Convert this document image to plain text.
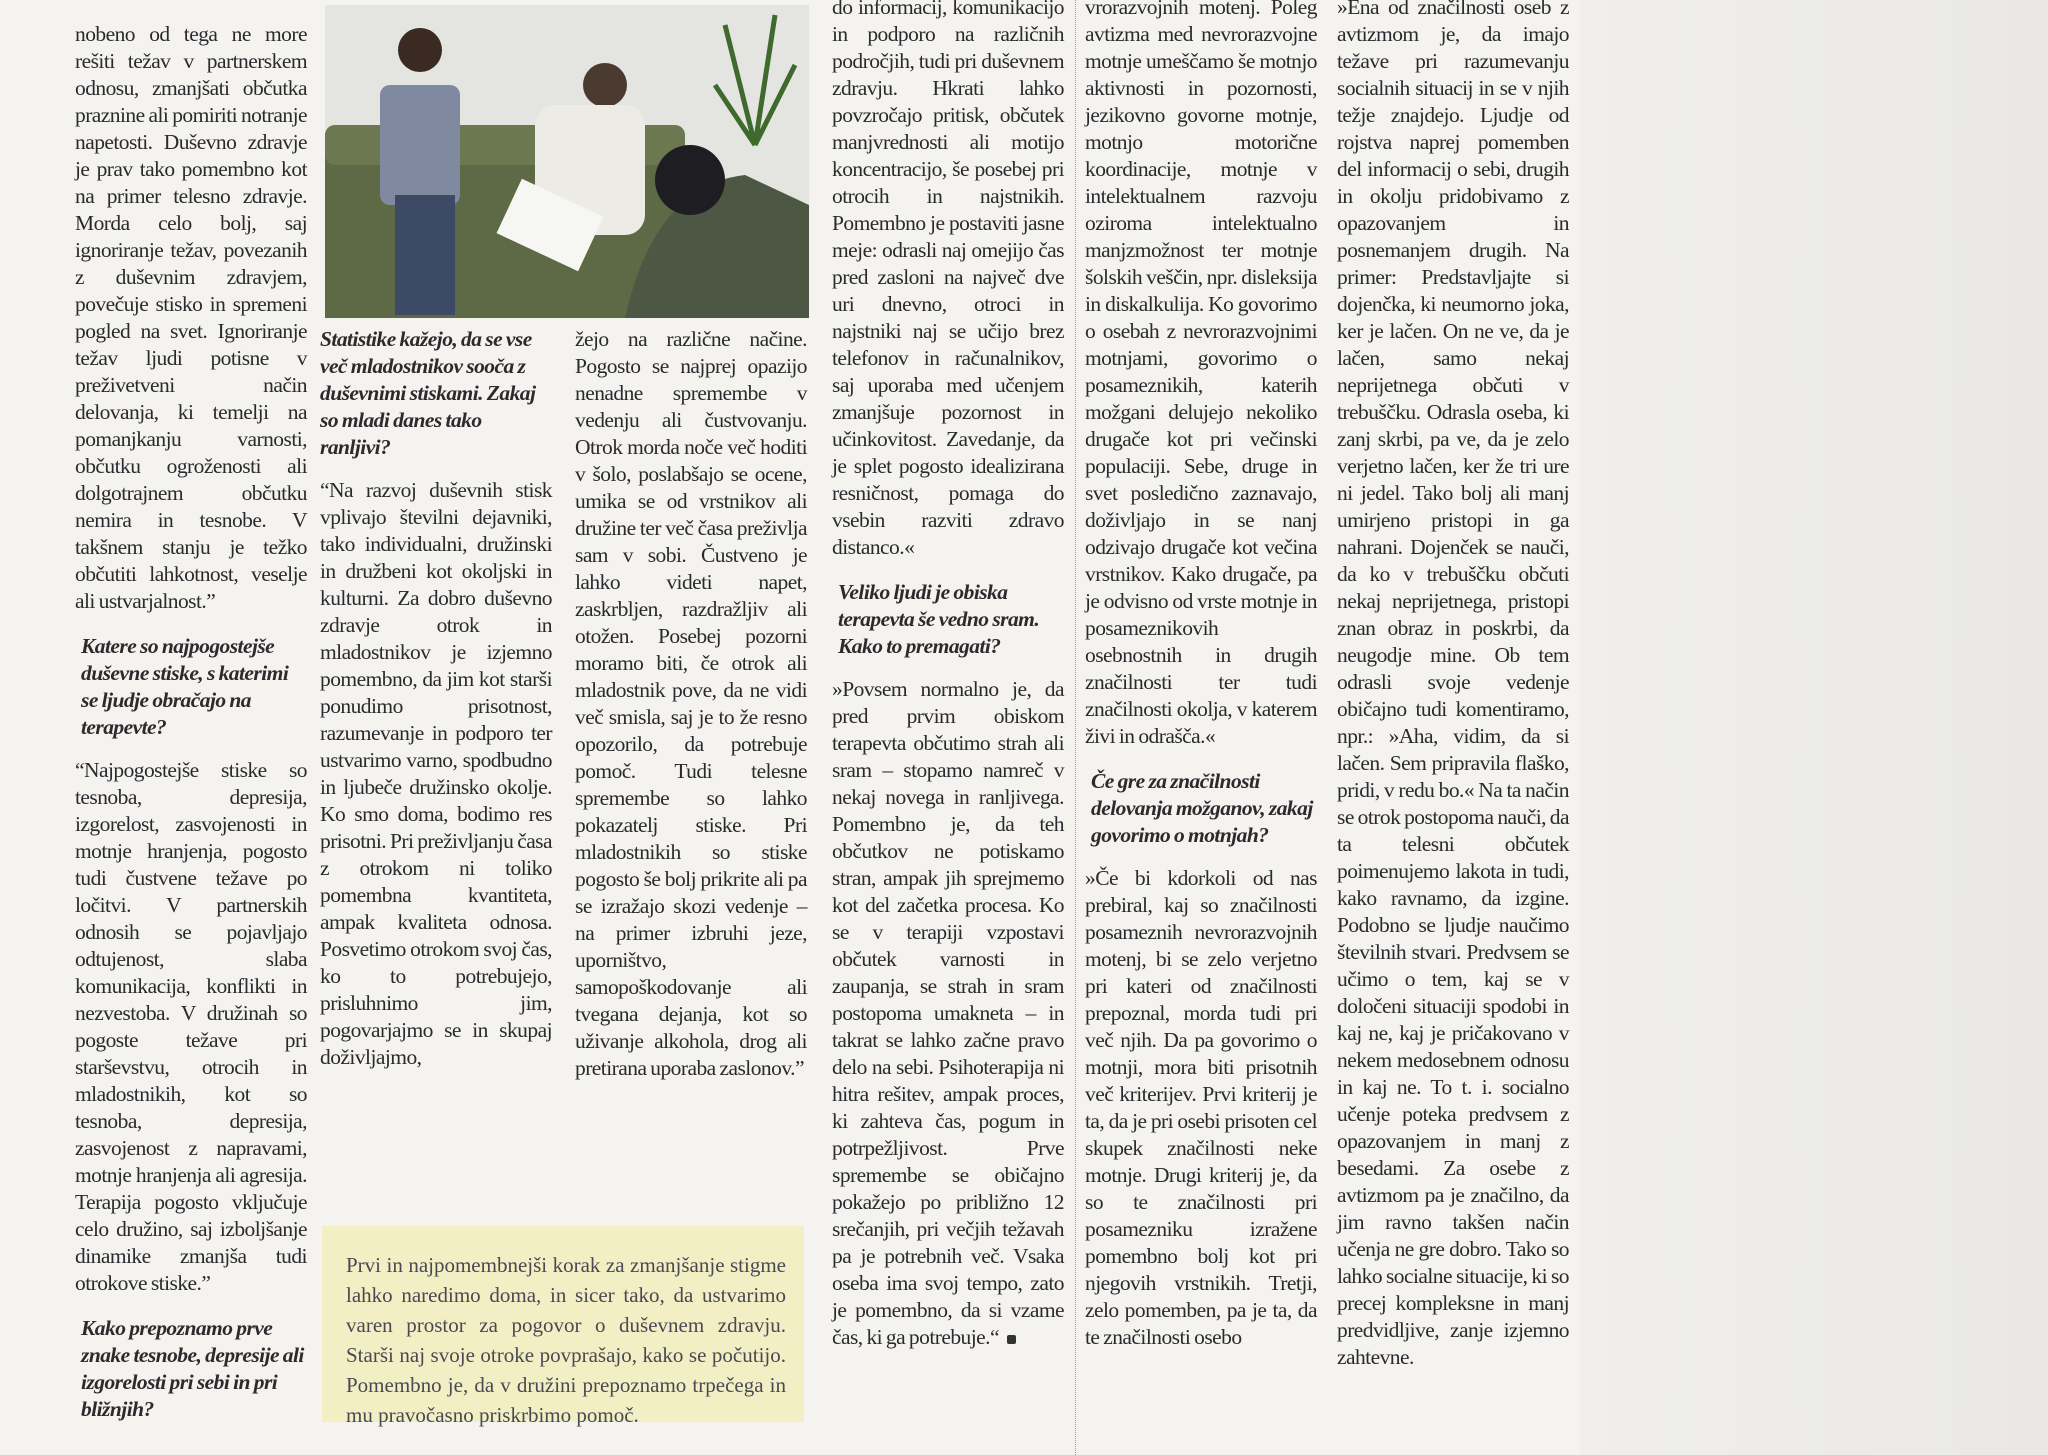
nobeno od tega ne more rešiti težav v partnerskem odnosu, zmanjšati občutka praznine ali pomiriti notranje napetosti. Duševno zdravje je prav tako pomembno kot na primer telesno zdravje. Morda celo bolj, saj ignoriranje težav, povezanih z duševnim zdravjem, povečuje stisko in spremeni pogled na svet. Ignoriranje težav ljudi potisne v preživetveni način delovanja, ki temelji na pomanjkanju varnosti, občutku ogroženosti ali dolgotrajnem občutku nemira in tesnobe. V takšnem stanju je težko občutiti lahkotnost, veselje ali ustvarjalnost.”

Katere so najpogostejše duševne stiske, s katerimi se ljudje obračajo na terapevte?

“Najpogostejše stiske so tesnoba, depresija, izgorelost, zasvojenosti in motnje hranjenja, pogosto tudi čustvene težave po ločitvi. V partnerskih odnosih se pojavljajo odtujenost, slaba komunikacija, konflikti in nezvestoba. V družinah so pogoste težave pri starševstvu, otrocih in mladostnikih, kot so tesnoba, depresija, zasvojenost z napravami, motnje hranjenja ali agresija. Terapija pogosto vključuje celo družino, saj izboljšanje dinamike zmanjša tudi otrokove stiske.”

Kako prepoznamo prve znake tesnobe, depresije ali izgorelosti pri sebi in pri bližnjih?

Statistike kažejo, da se vse več mladostnikov sooča z duševnimi stiskami. Zakaj so mladi danes tako ranljivi?

“Na razvoj duševnih stisk vplivajo številni dejavniki, tako individualni, družinski in družbeni kot okoljski in kulturni. Za dobro duševno zdravje otrok in mladostnikov je izjemno pomembno, da jim kot starši ponudimo prisotnost, razumevanje in podporo ter ustvarimo varno, spodbudno in ljubeče družinsko okolje. Ko smo doma, bodimo res prisotni. Pri preživljanju časa z otrokom ni toliko pomembna kvantiteta, ampak kvaliteta odnosa. Posvetimo otrokom svoj čas, ko to potrebujejo, prisluhnimo jim, pogovarjajmo se in skupaj doživljajmo,

žejo na različne načine. Pogosto se najprej opazijo nenadne spremembe v vedenju ali čustvovanju. Otrok morda noče več hoditi v šolo, poslabšajo se ocene, umika se od vrstnikov ali družine ter več časa preživlja sam v sobi. Čustveno je lahko videti napet, zaskrbljen, razdražljiv ali otožen. Posebej pozorni moramo biti, če otrok ali mladostnik pove, da ne vidi več smisla, saj je to že resno opozorilo, da potrebuje pomoč. Tudi telesne spremembe so lahko pokazatelj stiske. Pri mladostnikih so stiske pogosto še bolj prikrite ali pa se izražajo skozi vedenje – na primer izbruhi jeze, uporništvo, samopoškodovanje ali tvegana dejanja, kot so uživanje alkohola, drog ali pretirana uporaba zaslonov.”

Prvi in najpomembnejši korak za zmanjšanje stigme lahko naredimo doma, in sicer tako, da ustvarimo varen prostor za pogovor o duševnem zdravju. Starši naj svoje otroke povprašajo, kako se počutijo. Pomembno je, da v družini prepoznamo trpečega in mu pravočasno priskrbimo pomoč.

do informacij, komunikacijo in podporo na različnih področjih, tudi pri duševnem zdravju. Hkrati lahko povzročajo pritisk, občutek manjvrednosti ali motijo koncentracijo, še posebej pri otrocih in najstnikih. Pomembno je postaviti jasne meje: odrasli naj omejijo čas pred zasloni na največ dve uri dnevno, otroci in najstniki naj se učijo brez telefonov in računalnikov, saj uporaba med učenjem zmanjšuje pozornost in učinkovitost. Zavedanje, da je splet pogosto idealizirana resničnost, pomaga do vsebin razviti zdravo distanco.«

Veliko ljudi je obiska terapevta še vedno sram. Kako to premagati?

»Povsem normalno je, da pred prvim obiskom terapevta občutimo strah ali sram – stopamo namreč v nekaj novega in ranljivega. Pomembno je, da teh občutkov ne potiskamo stran, ampak jih sprejmemo kot del začetka procesa. Ko se v terapiji vzpostavi občutek varnosti in zaupanja, se strah in sram postopoma umakneta – in takrat se lahko začne pravo delo na sebi. Psihoterapija ni hitra rešitev, ampak proces, ki zahteva čas, pogum in potrpežljivost. Prve spremembe se običajno pokažejo po približno 12 srečanjih, pri večjih težavah pa je potrebnih več. Vsaka oseba ima svoj tempo, zato je pomembno, da si vzame čas, ki ga potrebuje.“

vrorazvojnih motenj. Poleg avtizma med nevrorazvojne motnje umeščamo še motnjo aktivnosti in pozornosti, jezikovno govorne motnje, motnjo motorične koordinacije, motnje v intelektualnem razvoju oziroma intelektualno manjzmožnost ter motnje šolskih veščin, npr. disleksija in diskalkulija. Ko govorimo o osebah z nevrorazvojnimi motnjami, govorimo o posameznikih, katerih možgani delujejo nekoliko drugače kot pri večinski populaciji. Sebe, druge in svet posledično zaznavajo, doživljajo in se nanj odzivajo drugače kot večina vrstnikov. Kako drugače, pa je odvisno od vrste motnje in posameznikovih osebnostnih in drugih značilnosti ter tudi značilnosti okolja, v katerem živi in odrašča.«

Če gre za značilnosti delovanja možganov, zakaj govorimo o motnjah?

»Če bi kdorkoli od nas prebiral, kaj so značilnosti posameznih nevrorazvojnih motenj, bi se zelo verjetno pri kateri od značilnosti prepoznal, morda tudi pri več njih. Da pa govorimo o motnji, mora biti prisotnih več kriterijev. Prvi kriterij je ta, da je pri osebi prisoten cel skupek značilnosti neke motnje. Drugi kriterij je, da so te značilnosti pri posamezniku izražene pomembno bolj kot pri njegovih vrstnikih. Tretji, zelo pomemben, pa je ta, da te značilnosti osebo

»Ena od značilnosti oseb z avtizmom je, da imajo težave pri razumevanju socialnih situacij in se v njih težje znajdejo. Ljudje od rojstva naprej pomemben del informacij o sebi, drugih in okolju pridobivamo z opazovanjem in posnemanjem drugih. Na primer: Predstavljajte si dojenčka, ki neumorno joka, ker je lačen. On ne ve, da je lačen, samo nekaj neprijetnega občuti v trebuščku. Odrasla oseba, ki zanj skrbi, pa ve, da je zelo verjetno lačen, ker že tri ure ni jedel. Tako bolj ali manj umirjeno pristopi in ga nahrani. Dojenček se nauči, da ko v trebuščku občuti nekaj neprijetnega, pristopi znan obraz in poskrbi, da neugodje mine. Ob tem odrasli svoje vedenje običajno tudi komentiramo, npr.: »Aha, vidim, da si lačen. Sem pripravila flaško, pridi, v redu bo.« Na ta način se otrok postopoma nauči, da ta telesni občutek poimenujemo lakota in tudi, kako ravnamo, da izgine. Podobno se ljudje naučimo številnih stvari. Predvsem se učimo o tem, kaj se v določeni situaciji spodobi in kaj ne, kaj je pričakovano v nekem medosebnem odnosu in kaj ne. To t. i. socialno učenje poteka predvsem z opazovanjem in manj z besedami. Za osebe z avtizmom pa je značilno, da jim ravno takšen način učenja ne gre dobro. Tako so lahko socialne situacije, ki so precej kompleksne in manj predvidljive, zanje izjemno zahtevne.
